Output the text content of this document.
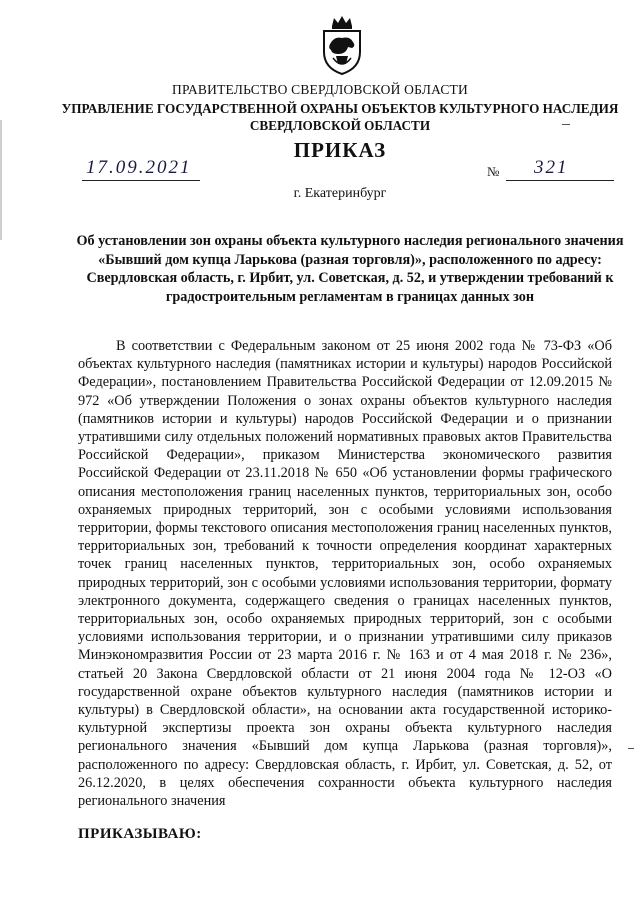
ПРАВИТЕЛЬСТВО СВЕРДЛОВСКОЙ ОБЛАСТИ
УПРАВЛЕНИЕ ГОСУДАРСТВЕННОЙ ОХРАНЫ ОБЪЕКТОВ КУЛЬТУРНОГО НАСЛЕДИЯ
СВЕРДЛОВСКОЙ ОБЛАСТИ
ПРИКАЗ
17.09.2021	№ 321
г. Екатеринбург
Об установлении зон охраны объекта культурного наследия регионального значения «Бывший дом купца Ларькова (разная торговля)», расположенного по адресу: Свердловская область, г. Ирбит, ул. Советская, д. 52, и утверждении требований к градостроительным регламентам в границах данных зон

В соответствии с Федеральным законом от 25 июня 2002 года № 73-ФЗ «Об объектах культурного наследия (памятниках истории и культуры) народов Российской Федерации», постановлением Правительства Российской Федерации от 12.09.2015 № 972 «Об утверждении Положения о зонах охраны объектов культурного наследия (памятников истории и культуры) народов Российской Федерации и о признании утратившими силу отдельных положений нормативных правовых актов Правительства Российской Федерации», приказом Министерства экономического развития Российской Федерации от 23.11.2018 № 650 «Об установлении формы графического описания местоположения границ населенных пунктов, территориальных зон, особо охраняемых природных территорий, зон с особыми условиями использования территории, формы текстового описания местоположения границ населенных пунктов, территориальных зон, требований к точности определения координат характерных точек границ населенных пунктов, территориальных зон, особо охраняемых природных территорий, зон с особыми условиями использования территории, формату электронного документа, содержащего сведения о границах населенных пунктов, территориальных зон, особо охраняемых природных территорий, зон с особыми условиями использования территории, и о признании утратившими силу приказов Минэкономразвития России от 23 марта 2016 г. № 163 и от 4 мая 2018 г. № 236», статьей 20 Закона Свердловской области от 21 июня 2004 года № 12-ОЗ «О государственной охране объектов культурного наследия (памятников истории и культуры) в Свердловской области», на основании акта государственной историко-культурной экспертизы проекта зон охраны объекта культурного наследия регионального значения «Бывший дом купца Ларькова (разная торговля)», расположенного по адресу: Свердловская область, г. Ирбит, ул. Советская, д. 52, от 26.12.2020, в целях обеспечения сохранности объекта культурного наследия регионального значения

ПРИКАЗЫВАЮ:
